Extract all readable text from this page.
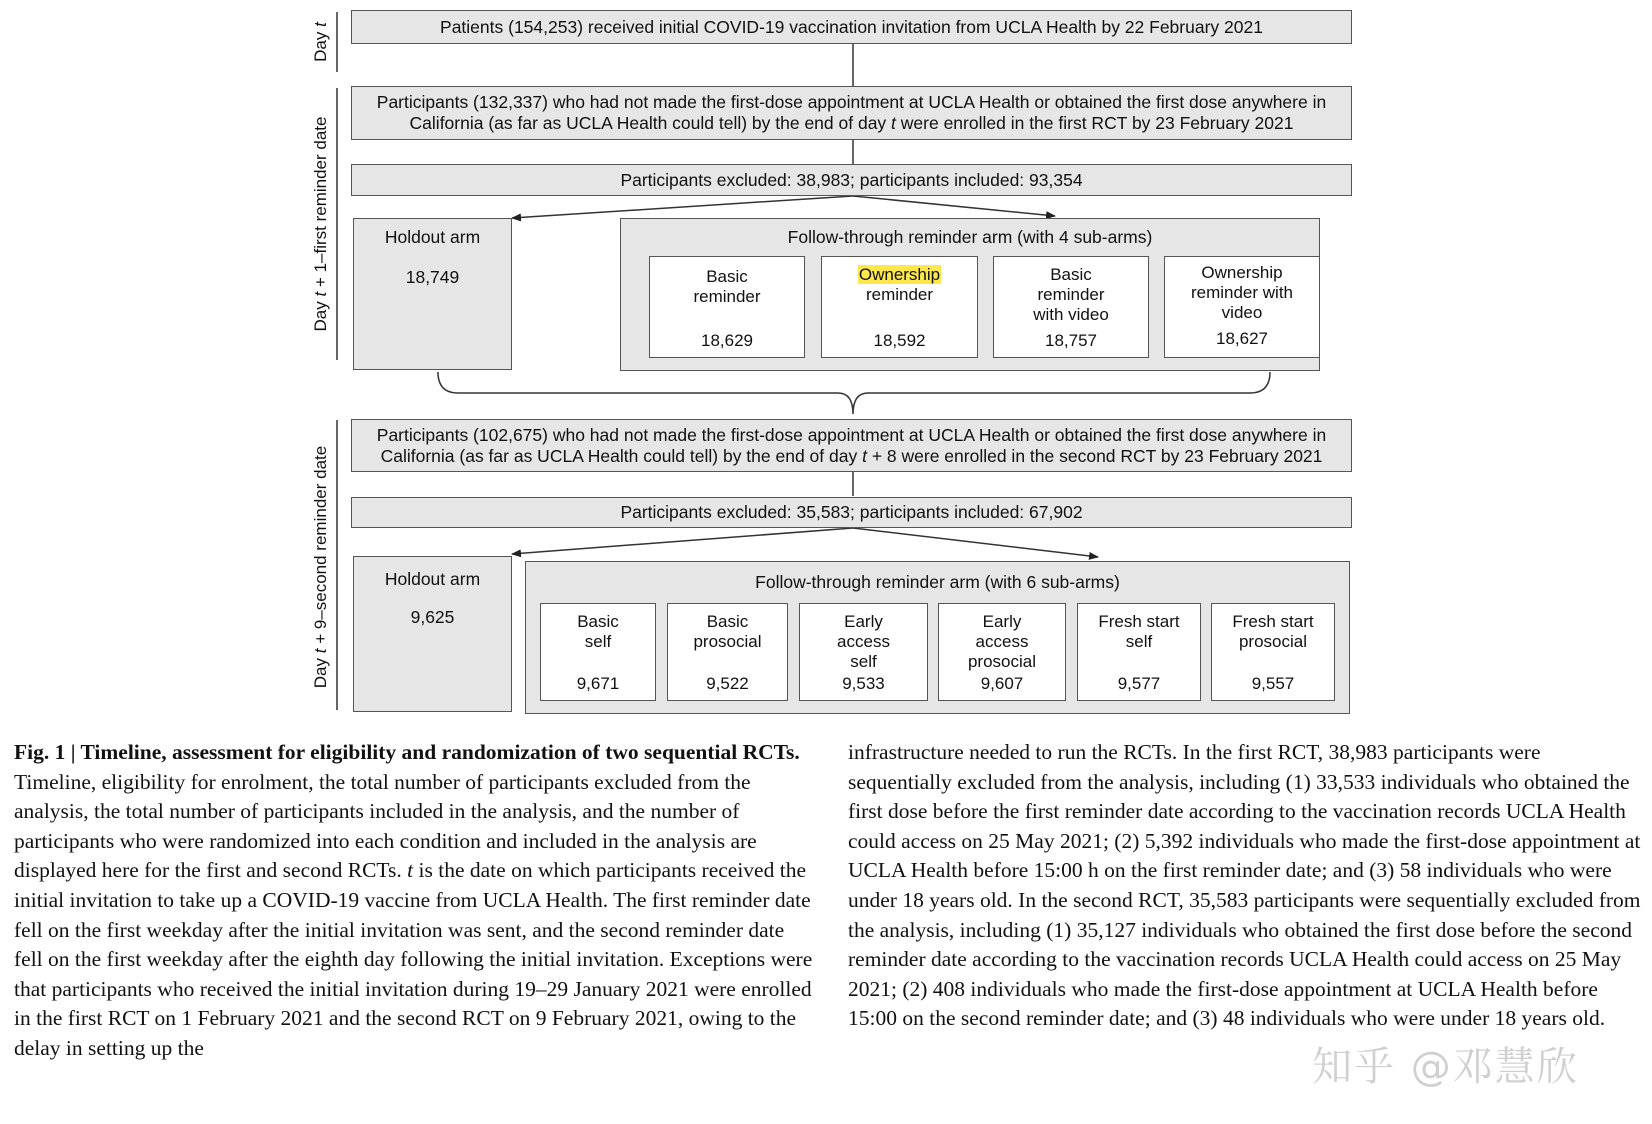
Day t
Day t + 1–first reminder date
Day t + 9–second reminder date
Patients (154,253) received initial COVID-19 vaccination invitation from UCLA Health by 22 February 2021
Participants (132,337) who had not made the first-dose appointment at UCLA Health or obtained the first dose anywhere in
California (as far as UCLA Health could tell) by the end of day t were enrolled in the first RCT by 23 February 2021
Participants excluded: 38,983; participants included: 93,354
Holdout arm
18,749
Follow-through reminder arm (with 4 sub-arms)
Basic
reminder
18,629
Ownership
reminder
18,592
Basic
reminder
with video
18,757
Ownership
reminder with
video
18,627
Participants (102,675) who had not made the first-dose appointment at UCLA Health or obtained the first dose anywhere in
California (as far as UCLA Health could tell) by the end of day t + 8 were enrolled in the second RCT by 23 February 2021
Participants excluded: 35,583; participants included: 67,902
Holdout arm
9,625
Follow-through reminder arm (with 6 sub-arms)
Basic
self
9,671
Basic
prosocial
9,522
Early
access
self
9,533
Early
access
prosocial
9,607
Fresh start
self
9,577
Fresh start
prosocial
9,557

Fig. 1 | Timeline, assessment for eligibility and randomization of two sequential RCTs. Timeline, eligibility for enrolment, the total number of participants excluded from the analysis, the total number of participants included in the analysis, and the number of participants who were randomized into each condition and included in the analysis are displayed here for the first and second RCTs. t is the date on which participants received the initial invitation to take up a COVID-19 vaccine from UCLA Health. The first reminder date fell on the first weekday after the initial invitation was sent, and the second reminder date fell on the first weekday after the eighth day following the initial invitation. Exceptions were that participants who received the initial invitation during 19–29 January 2021 were enrolled in the first RCT on 1 February 2021 and the second RCT on 9 February 2021, owing to the delay in setting up the

infrastructure needed to run the RCTs. In the first RCT, 38,983 participants were sequentially excluded from the analysis, including (1) 33,533 individuals who obtained the first dose before the first reminder date according to the vaccination records UCLA Health could access on 25 May 2021; (2) 5,392 individuals who made the first-dose appointment at UCLA Health before 15:00 h on the first reminder date; and (3) 58 individuals who were under 18 years old. In the second RCT, 35,583 participants were sequentially excluded from the analysis, including (1) 35,127 individuals who obtained the first dose before the second reminder date according to the vaccination records UCLA Health could access on 25 May 2021; (2) 408 individuals who made the first-dose appointment at UCLA Health before 15:00 on the second reminder date; and (3) 48 individuals who were under 18 years old.

知乎 @邓慧欣
